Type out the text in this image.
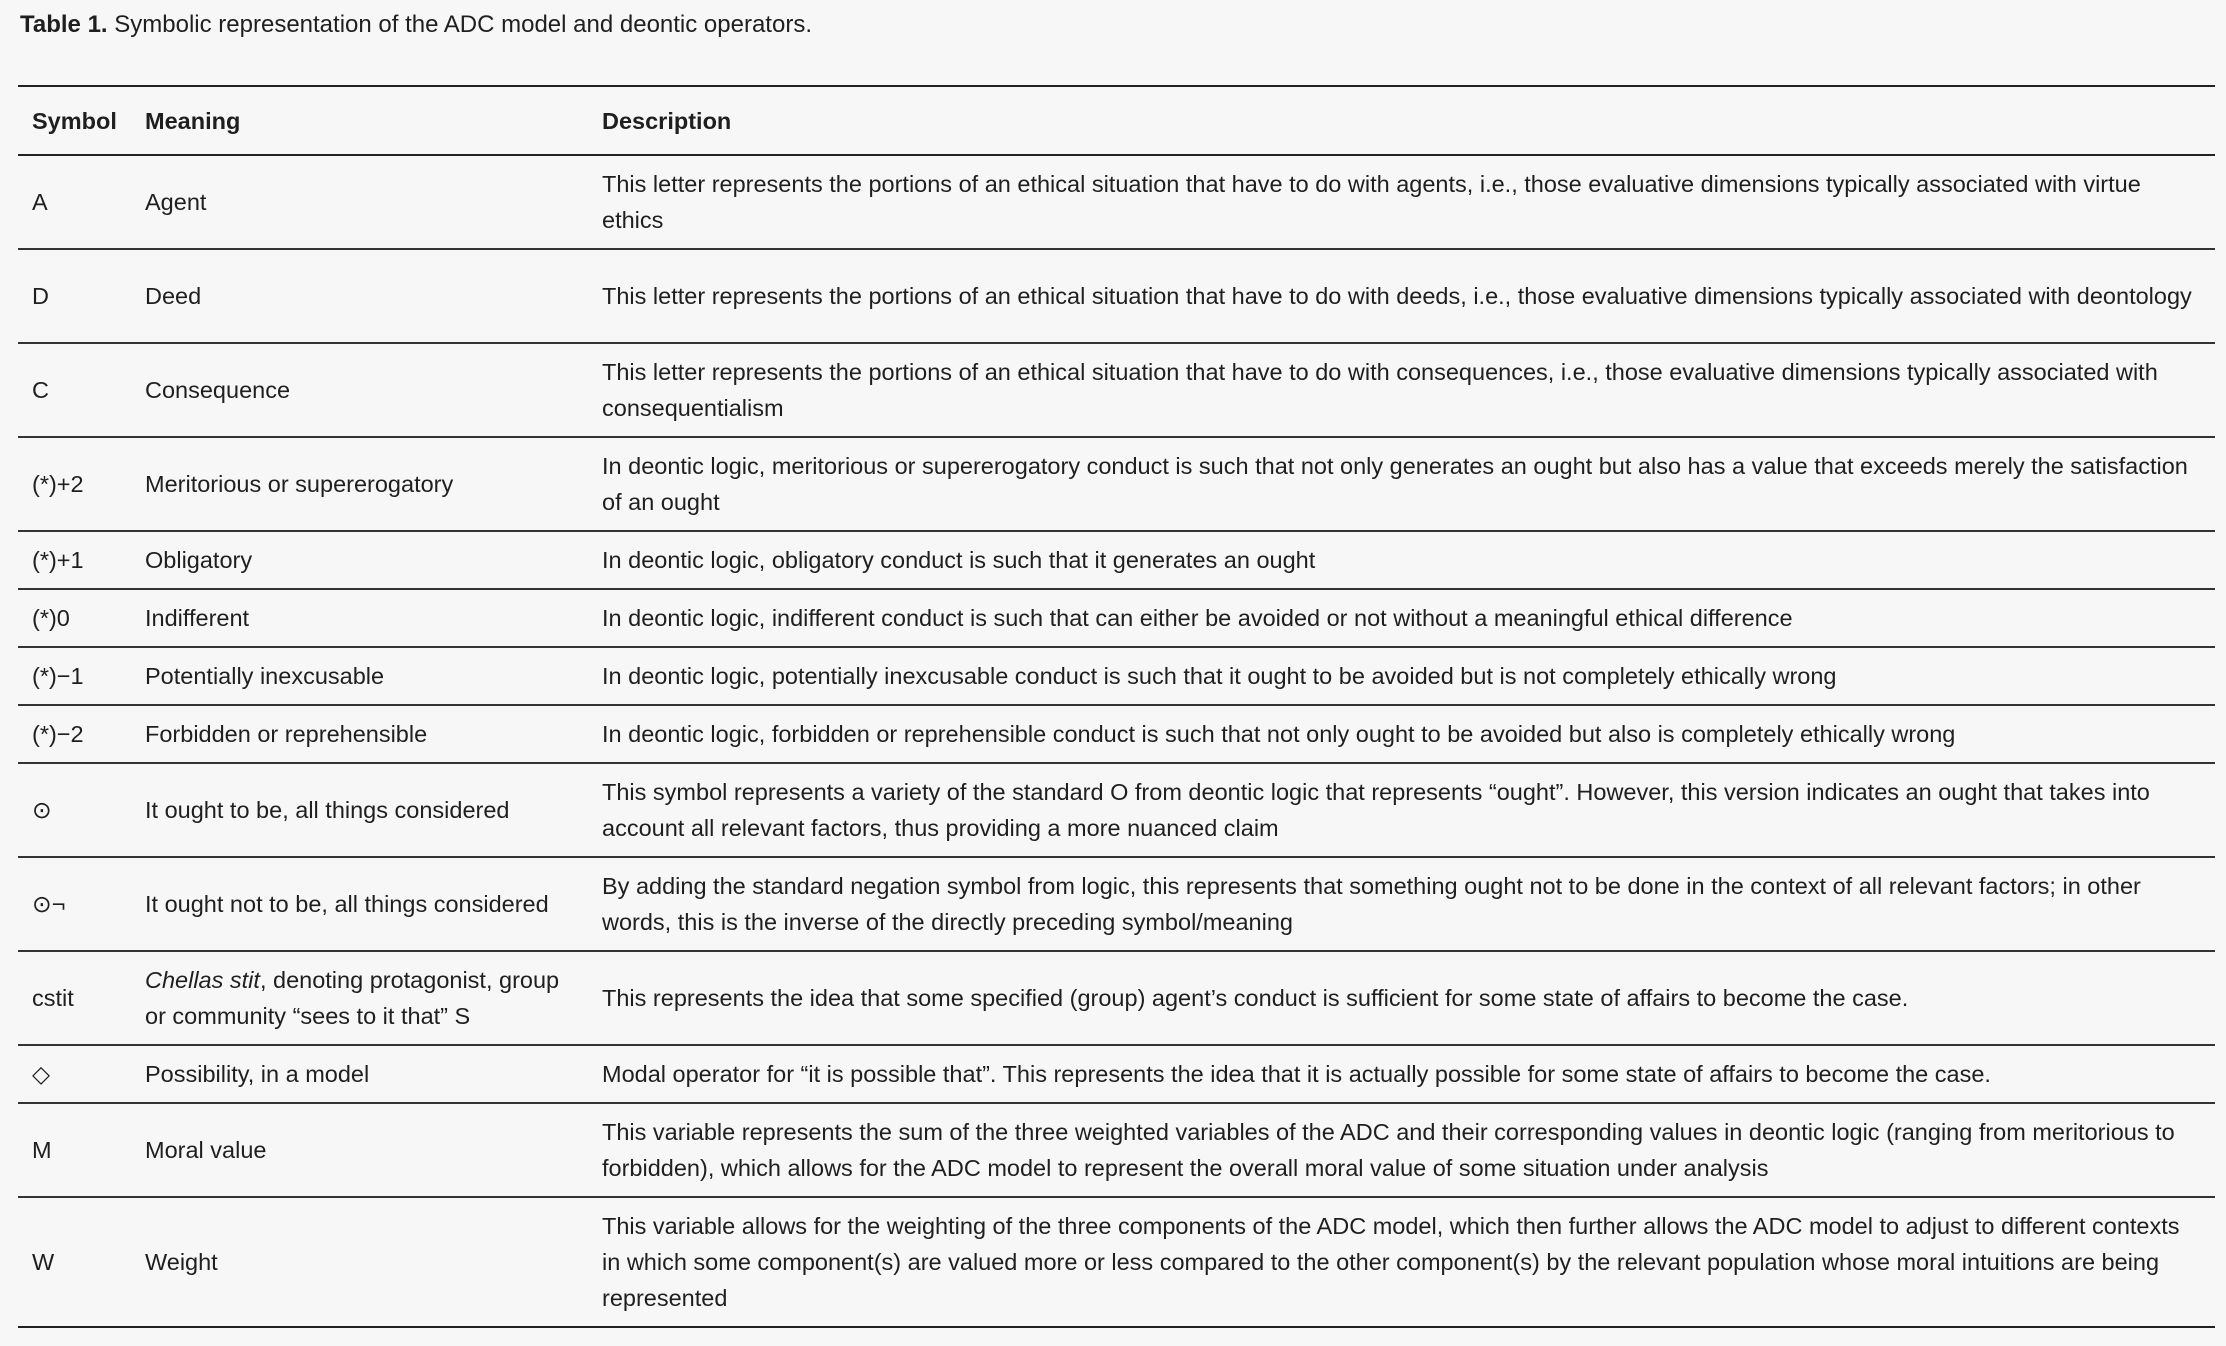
Table 1. Symbolic representation of the ADC model and deontic operators.
Symbol	Meaning	Description
A	Agent	This letter represents the portions of an ethical situation that have to do with agents, i.e., those evaluative dimensions typically associated with virtue ethics
D	Deed	This letter represents the portions of an ethical situation that have to do with deeds, i.e., those evaluative dimensions typically associated with deontology
C	Consequence	This letter represents the portions of an ethical situation that have to do with consequences, i.e., those evaluative dimensions typically associated with consequentialism
(*)+2	Meritorious or supererogatory	In deontic logic, meritorious or supererogatory conduct is such that not only generates an ought but also has a value that exceeds merely the satisfaction of an ought
(*)+1	Obligatory	In deontic logic, obligatory conduct is such that it generates an ought
(*)0	Indifferent	In deontic logic, indifferent conduct is such that can either be avoided or not without a meaningful ethical difference
(*)−1	Potentially inexcusable	In deontic logic, potentially inexcusable conduct is such that it ought to be avoided but is not completely ethically wrong
(*)−2	Forbidden or reprehensible	In deontic logic, forbidden or reprehensible conduct is such that not only ought to be avoided but also is completely ethically wrong
⊙	It ought to be, all things considered	This symbol represents a variety of the standard O from deontic logic that represents “ought”. However, this version indicates an ought that takes into account all relevant factors, thus providing a more nuanced claim
⊙¬	It ought not to be, all things considered	By adding the standard negation symbol from logic, this represents that something ought not to be done in the context of all relevant factors; in other words, this is the inverse of the directly preceding symbol/meaning
cstit	Chellas stit, denoting protagonist, group or community “sees to it that” S	This represents the idea that some specified (group) agent’s conduct is sufficient for some state of affairs to become the case.
◇	Possibility, in a model	Modal operator for “it is possible that”. This represents the idea that it is actually possible for some state of affairs to become the case.
M	Moral value	This variable represents the sum of the three weighted variables of the ADC and their corresponding values in deontic logic (ranging from meritorious to forbidden), which allows for the ADC model to represent the overall moral value of some situation under analysis
W	Weight	This variable allows for the weighting of the three components of the ADC model, which then further allows the ADC model to adjust to different contexts in which some component(s) are valued more or less compared to the other component(s) by the relevant population whose moral intuitions are being represented
